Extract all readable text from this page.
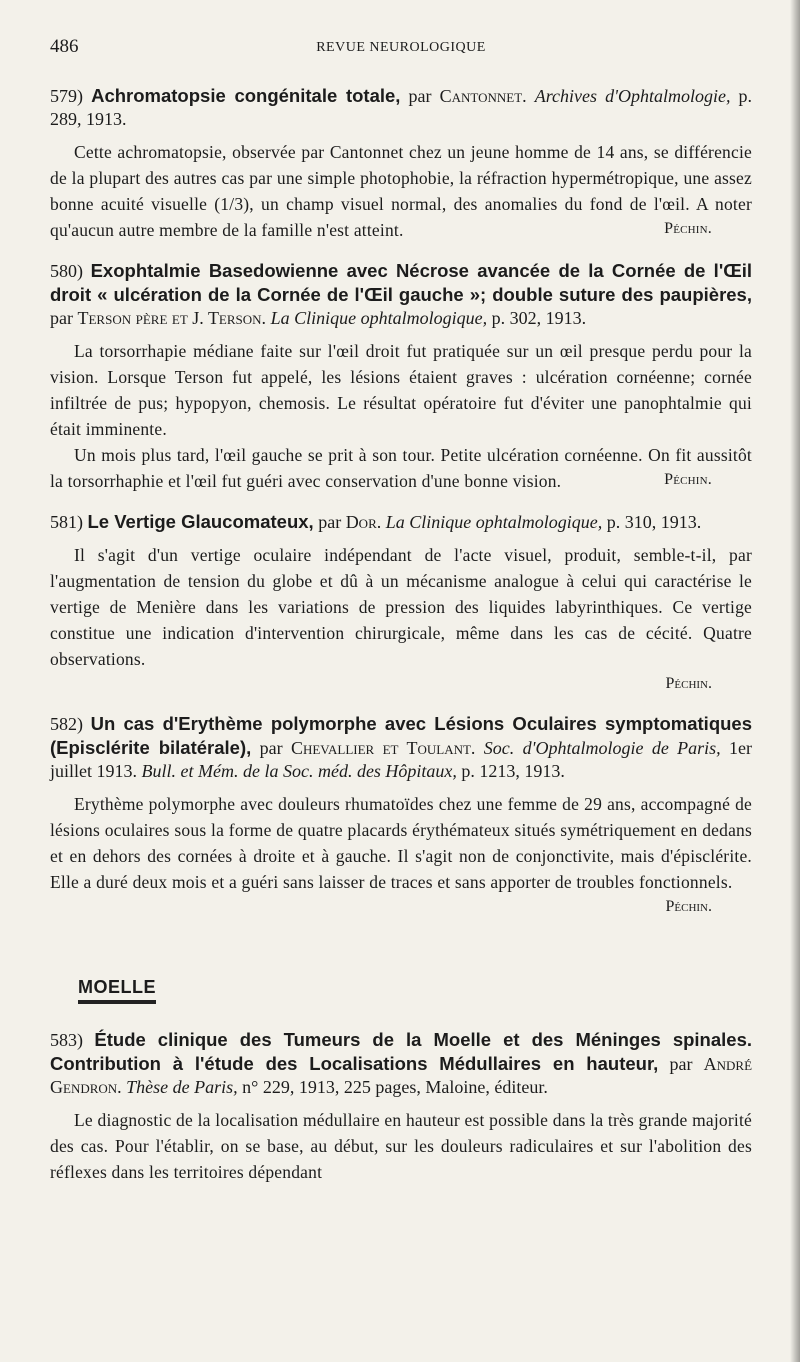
486	REVUE NEUROLOGIQUE
579) Achromatopsie congénitale totale, par Cantonnet. Archives d'Ophtalmologie, p. 289, 1913.
Cette achromatopsie, observée par Cantonnet chez un jeune homme de 14 ans, se différencie de la plupart des autres cas par une simple photophobie, la réfraction hypermétropique, une assez bonne acuité visuelle (1/3), un champ visuel normal, des anomalies du fond de l'œil. A noter qu'aucun autre membre de la famille n'est atteint.	Péchin.
580) Exophtalmie Basedowienne avec Nécrose avancée de la Cornée de l'Œil droit « ulcération de la Cornée de l'Œil gauche »; double suture des paupières, par Terson père et J. Terson. La Clinique ophtalmologique, p. 302, 1913.
La torsorrhapie médiane faite sur l'œil droit fut pratiquée sur un œil presque perdu pour la vision. Lorsque Terson fut appelé, les lésions étaient graves : ulcération cornéenne; cornée infiltrée de pus; hypopyon, chemosis. Le résultat opératoire fut d'éviter une panophtalmie qui était imminente.
Un mois plus tard, l'œil gauche se prit à son tour. Petite ulcération cornéenne. On fit aussitôt la torsorrhaphie et l'œil fut guéri avec conservation d'une bonne vision.	Péchin.
581) Le Vertige Glaucomateux, par Dor. La Clinique ophtalmologique, p. 310, 1913.
Il s'agit d'un vertige oculaire indépendant de l'acte visuel, produit, semble-t-il, par l'augmentation de tension du globe et dû à un mécanisme analogue à celui qui caractérise le vertige de Menière dans les variations de pression des liquides labyrinthiques. Ce vertige constitue une indication d'intervention chirurgicale, même dans les cas de cécité. Quatre observations.
Péchin.
582) Un cas d'Erythème polymorphe avec Lésions Oculaires symptomatiques (Episclérite bilatérale), par Chevallier et Toulant. Soc. d'Ophtalmologie de Paris, 1er juillet 1913. Bull. et Mém. de la Soc. méd. des Hôpitaux, p. 1213, 1913.
Erythème polymorphe avec douleurs rhumatoïdes chez une femme de 29 ans, accompagné de lésions oculaires sous la forme de quatre placards érythémateux situés symétriquement en dedans et en dehors des cornées à droite et à gauche. Il s'agit non de conjonctivite, mais d'épisclérite. Elle a duré deux mois et a guéri sans laisser de traces et sans apporter de troubles fonctionnels.
Péchin.
MOELLE
583) Étude clinique des Tumeurs de la Moelle et des Méninges spinales. Contribution à l'étude des Localisations Médullaires en hauteur, par André Gendron. Thèse de Paris, n° 229, 1913, 225 pages, Maloine, éditeur.
Le diagnostic de la localisation médullaire en hauteur est possible dans la très grande majorité des cas. Pour l'établir, on se base, au début, sur les douleurs radiculaires et sur l'abolition des réflexes dans les territoires dépendant
